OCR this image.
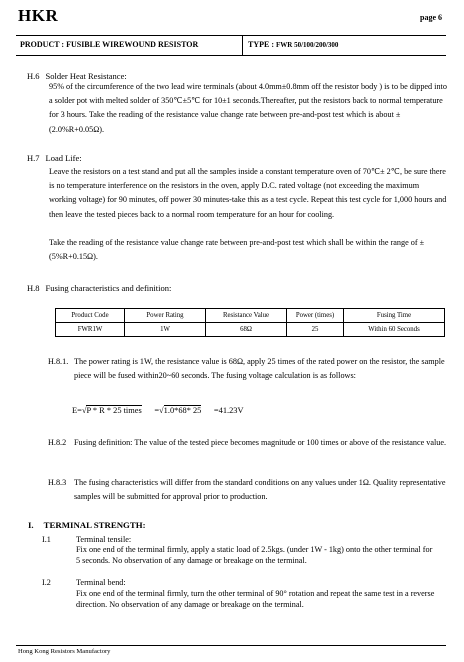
HKR	page 6
PRODUCT : FUSIBLE WIREWOUND RESISTOR	TYPE : FWR 50/100/200/300
H.6 Solder Heat Resistance:
95% of the circumference of the two lead wire terminals (about 4.0mm±0.8mm off the resistor body ) is to be dipped into a solder pot with melted solder of 350℃±5℃ for 10±1 seconds.Thereafter, put the resistors back to normal temperature for 3 hours. Take the reading of the resistance value change rate between pre-and-post test which is about ±(2.0%R+0.05Ω).
H.7 Load Life:
Leave the resistors on a test stand and put all the samples inside a constant temperature oven of 70℃± 2℃, be sure there is no temperature interference on the resistors in the oven, apply D.C. rated voltage (not exceeding the maximum working voltage) for 90 minutes, off power 30 minutes-take this as a test cycle. Repeat this test cycle for 1,000 hours and then leave the tested pieces back to a normal room temperature for an hour for cooling.
Take the reading of the resistance value change rate between pre-and-post test which shall be within the range of ± (5%R+0.15Ω).
H.8 Fusing characteristics and definition:
Product Code	Power Rating	Resistance Value	Power (times)	Fusing Time
FWR1W	1W	68Ω	25	Within 60 Seconds
H.8.1. The power rating is 1W, the resistance value is 68Ω, apply 25 times of the rated power on the resistor, the sample piece will be fused within20~60 seconds. The fusing voltage calculation is as follows:
E=√P * R * 25 times =√1.0*68* 25 =41.23V
H.8.2 Fusing definition: The value of the tested piece becomes magnitude or 100 times or above of the resistance value.
H.8.3 The fusing characteristics will differ from the standard conditions on any values under 1Ω. Quality representative samples will be submitted for approval prior to production.
I. TERMINAL STRENGTH:
I.1	Terminal tensile:
Fix one end of the terminal firmly, apply a static load of 2.5kgs. (under 1W - 1kg) onto the other terminal for 5 seconds. No observation of any damage or breakage on the terminal.
I.2	Terminal bend:
Fix one end of the terminal firmly, turn the other terminal of 90° rotation and repeat the same test in a reverse direction. No observation of any damage or breakage on the terminal.
Hong Kong Resistors Manufactory
